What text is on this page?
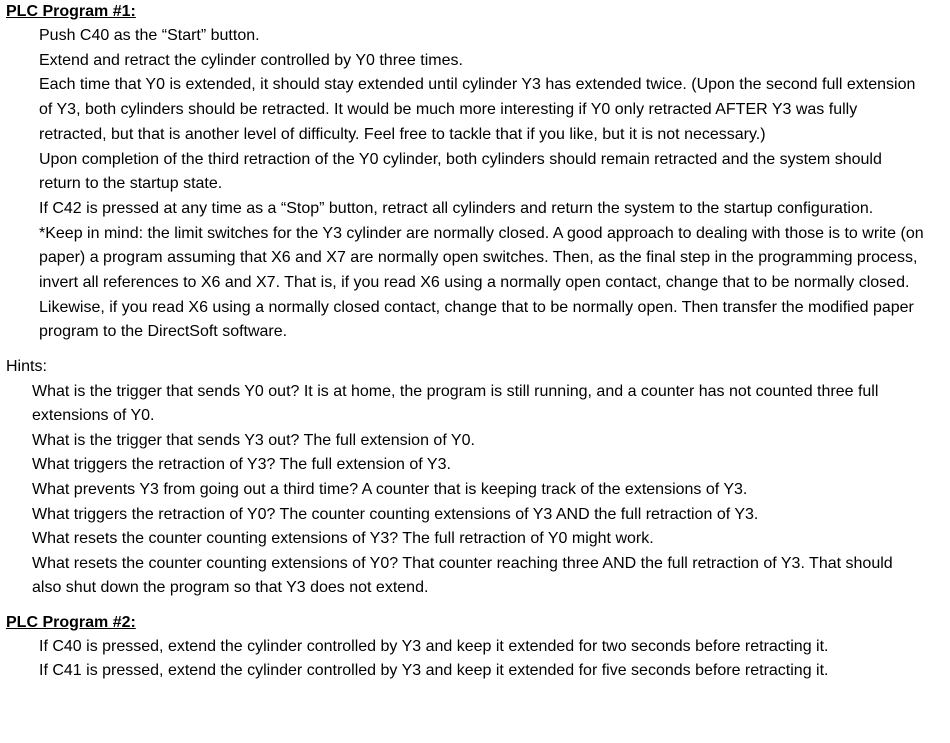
PLC Program #1:

Push C40 as the “Start” button.

Extend and retract the cylinder controlled by Y0 three times.

Each time that Y0 is extended, it should stay extended until cylinder Y3 has extended twice. (Upon the second full extension of Y3, both cylinders should be retracted. It would be much more interesting if Y0 only retracted AFTER Y3 was fully retracted, but that is another level of difficulty. Feel free to tackle that if you like, but it is not necessary.)

Upon completion of the third retraction of the Y0 cylinder, both cylinders should remain retracted and the system should return to the startup state.

If C42 is pressed at any time as a “Stop” button, retract all cylinders and return the system to the startup configuration.

*Keep in mind: the limit switches for the Y3 cylinder are normally closed. A good approach to dealing with those is to write (on paper) a program assuming that X6 and X7 are normally open switches. Then, as the final step in the programming process, invert all references to X6 and X7. That is, if you read X6 using a normally open contact, change that to be normally closed. Likewise, if you read X6 using a normally closed contact, change that to be normally open. Then transfer the modified paper program to the DirectSoft software.

Hints:

What is the trigger that sends Y0 out? It is at home, the program is still running, and a counter has not counted three full extensions of Y0.

What is the trigger that sends Y3 out? The full extension of Y0.

What triggers the retraction of Y3? The full extension of Y3.

What prevents Y3 from going out a third time? A counter that is keeping track of the extensions of Y3.

What triggers the retraction of Y0? The counter counting extensions of Y3 AND the full retraction of Y3.

What resets the counter counting extensions of Y3? The full retraction of Y0 might work.

What resets the counter counting extensions of Y0? That counter reaching three AND the full retraction of Y3. That should also shut down the program so that Y3 does not extend.

PLC Program #2:

If C40 is pressed, extend the cylinder controlled by Y3 and keep it extended for two seconds before retracting it.

If C41 is pressed, extend the cylinder controlled by Y3 and keep it extended for five seconds before retracting it.
